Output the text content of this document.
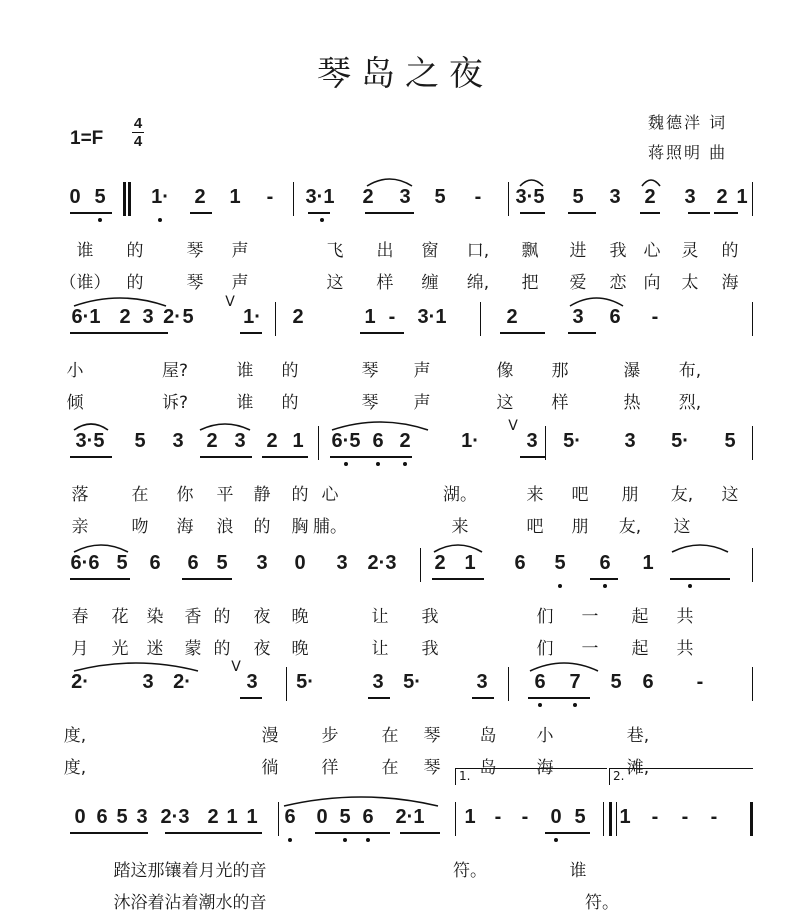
琴岛之夜
1=F
4
4
魏德泮 词
蒋照明 曲
0 5 1· 2 1 - 3·1 2 3 5 - 3·5 5 3 2 3 2 1
谁 的	琴 声	飞 出 窗 口, 飘 进 我 心 灵 的
（谁） 的	琴 声	这 样 缠 绵, 把 爱 恋 向 太 海
6·1 2 3 2· 5 1· 2	1 - 3·1	2	3 6 -
V
小	屋?	谁 的	琴 声	像 那	瀑 布,
倾	诉?	谁 的	琴 声	这 样	热 烈,
3·5 5 3 2 3 2 1 6·5 6 2	1· 3 5· 3 5· 5
V
落	在 你 平 静 的 心	湖。	来 吧 朋 友, 这
亲	吻 海 浪 的 胸 脯。	来	吧 朋 友, 这
6·6 5 6 6 5 3 0 3 2·3 2 1 6 5 6 1
春 花 染 香 的 夜 晚	让 我	们 一 起 共
月 光 迷 蒙 的 夜 晚	让 我	们 一 起 共
2·	3 2·	3 5·	3 5·	3 6 7 5 6 -
V
度,	漫	步	在 琴 岛 小	巷,
度,	徜	徉	在 琴 岛 海	滩,
0 6 5 3 2·3 2 1 1 6 0 5 6 2·1 1 - - 0 5 1 - - -
1.	2.
踏这那镶着月光的音	符。	谁
沐浴着沾着潮水的音	符。
